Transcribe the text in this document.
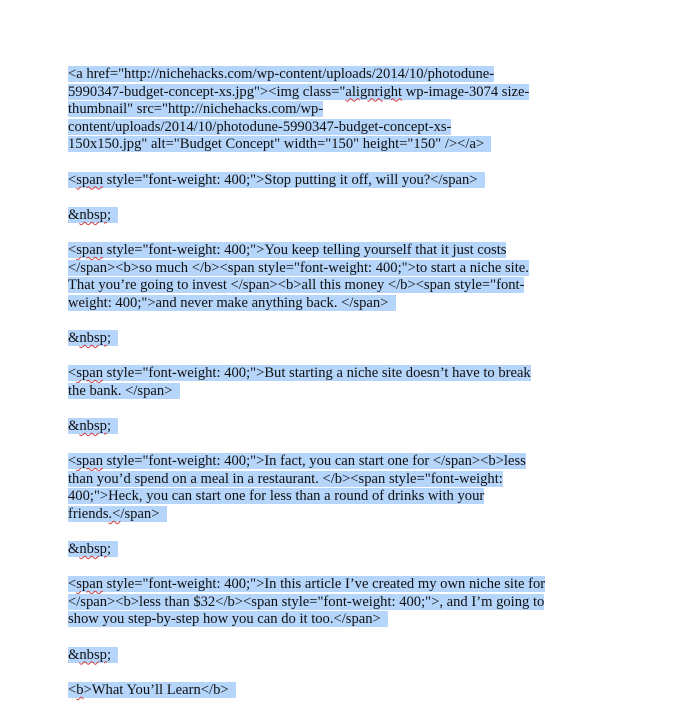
<a href="http://nichehacks.com/wp-content/uploads/2014/10/photodune-
5990347-budget-concept-xs.jpg"><img class="alignright wp-image-3074 size-
thumbnail" src="http://nichehacks.com/wp-
content/uploads/2014/10/photodune-5990347-budget-concept-xs-
150x150.jpg" alt="Budget Concept" width="150" height="150" /></a>
<span style="font-weight: 400;">Stop putting it off, will you?</span>
&nbsp;
<span style="font-weight: 400;">You keep telling yourself that it just costs
</span><b>so much </b><span style="font-weight: 400;">to start a niche site.
That you’re going to invest </span><b>all this money </b><span style="font-
weight: 400;">and never make anything back. </span>
&nbsp;
<span style="font-weight: 400;">But starting a niche site doesn’t have to break
the bank. </span>
&nbsp;
<span style="font-weight: 400;">In fact, you can start one for </span><b>less
than you’d spend on a meal in a restaurant. </b><span style="font-weight:
400;">Heck, you can start one for less than a round of drinks with your
friends.</span>
&nbsp;
<span style="font-weight: 400;">In this article I’ve created my own niche site for
</span><b>less than $32</b><span style="font-weight: 400;">, and I’m going to
show you step-by-step how you can do it too.</span>
&nbsp;
<b>What You’ll Learn</b>
